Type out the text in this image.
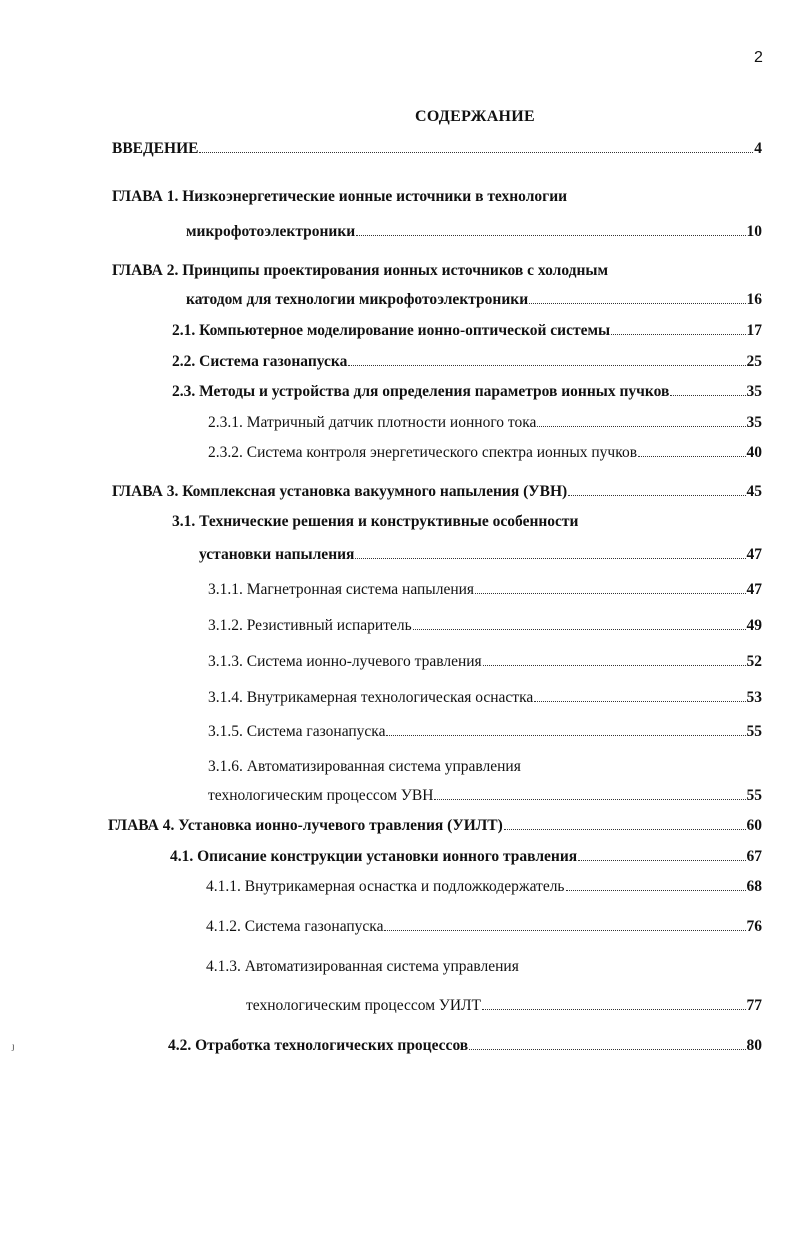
2
СОДЕРЖАНИЕ
ВВЕДЕНИЕ	4
ГЛАВА 1. Низкоэнергетические ионные источники в технологии
микрофотоэлектроники	10
ГЛАВА 2. Принципы проектирования ионных источников с холодным
катодом для технологии микрофотоэлектроники	16
2.1. Компьютерное моделирование ионно-оптической системы	17
2.2. Система газонапуска	25
2.3. Методы и устройства для определения параметров ионных пучков	35
2.3.1. Матричный датчик плотности ионного тока	35
2.3.2. Система контроля энергетического спектра ионных пучков	40
ГЛАВА 3. Комплексная установка вакуумного напыления (УВН)	45
3.1. Технические решения и конструктивные особенности
установки напыления	47
3.1.1. Магнетронная система напыления	47
3.1.2. Резистивный испаритель	49
3.1.3. Система ионно-лучевого травления	52
3.1.4. Внутрикамерная технологическая оснастка	53
3.1.5. Система газонапуска	55
3.1.6. Автоматизированная система управления
технологическим процессом УВН	55
ГЛАВА 4. Установка ионно-лучевого травления (УИЛТ)	60
4.1. Описание конструкции установки ионного травления	67
4.1.1. Внутрикамерная оснастка и подложкодержатель	68
4.1.2. Система газонапуска	76
4.1.3. Автоматизированная система управления
технологическим процессом УИЛТ	77
4.2. Отработка технологических процессов	80
ȷ
